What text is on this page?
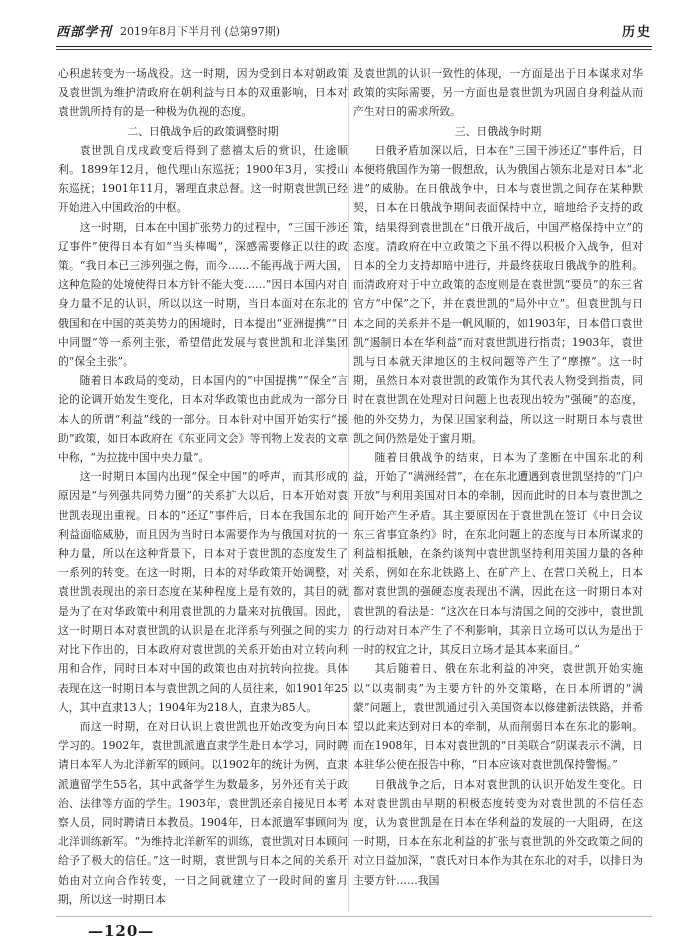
西部学刊 2019年8月下半月刊 (总第97期)	历史

心积虑转变为一场战役。这一时期，因为受到日本对朝政策及袁世凯为维护清政府在朝利益与日本的双重影响，日本对袁世凯所持有的是一种极为仇视的态度。

二、日俄战争后的政策调整时期

袁世凯自戊戌政变后得到了慈禧太后的赏识，仕途顺利。1899年12月，他代理山东巡抚；1900年3月，实授山东巡抚；1901年11月，署理直隶总督。这一时期袁世凯已经开始进入中国政治的中枢。

这一时期，日本在中国扩张势力的过程中，“三国干涉还辽事件”使得日本有如“当头棒喝”，深感需要修正以往的政策。“我日本已三涉列强之侮，而今……不能再战于两大国，这种危险的处境使得日本方针不能大变……”因日本国内对自身力量不足的认识，所以以这一时期，当日本面对在东北的俄国和在中国的英美势力的困境时，日本提出“亚洲提携”“日中同盟”等一系列主张，希望借此发展与袁世凯和北洋集团的“保全主张”。

随着日本政局的变动，日本国内的“中国提携”“保全”言论的论调开始发生变化，日本对华政策也由此成为一部分日本人的所谓“利益”线的一部分。日本针对中国开始实行“援助”政策，如日本政府在《东亚同文会》等刊物上发表的文章中称，“为拉拢中国中央力量”。

这一时期日本国内出现“保全中国”的呼声，而其形成的原因是“与列强共同势力圈”的关系扩大以后，日本开始对袁世凯表现出重视。日本的“还辽”事件后，日本在我国东北的利益面临威胁，而且因为当时日本需要作为与俄国对抗的一种力量，所以在这种背景下，日本对于袁世凯的态度发生了一系列的转变。在这一时期，日本的对华政策开始调整，对袁世凯表现出的亲日态度在某种程度上是有效的，其目的就是为了在对华政策中利用袁世凯的力量来对抗俄国。因此，这一时期日本对袁世凯的认识是在北洋系与列强之间的实力对比下作出的，日本政府对袁世凯的关系开始由对立转向利用和合作，同时日本对中国的政策也由对抗转向拉拢。具体表现在这一时期日本与袁世凯之间的人员往来，如1901年25人，其中直隶13人；1904年为218人，直隶为85人。

而这一时期，在对日认识上袁世凯也开始改变为向日本学习的。1902年，袁世凯派遣直隶学生赴日本学习，同时聘请日本军人为北洋新军的顾问。以1902年的统计为例，直隶派遣留学生55名，其中武备学生为数最多，另外还有关于政治、法律等方面的学生。1903年，袁世凯还亲自接见日本考察人员，同时聘请日本教员。1904年，日本派遣军事顾问为北洋训练新军。“为维持北洋新军的训练，袁世凯对日本顾问给予了极大的信任。”这一时期，袁世凯与日本之间的关系开始由对立向合作转变，一日之间就建立了一段时间的蜜月期，所以这一时期日本

及袁世凯的认识一致性的体现，一方面是出于日本谋求对华政策的实际需要，另一方面也是袁世凯为巩固自身利益从而产生对日的需求所致。

三、日俄战争时期

日俄矛盾加深以后，日本在“三国干涉还辽”事件后，日本便将俄国作为第一假想敌，认为俄国占领东北是对日本“北进”的威胁。在日俄战争中，日本与袁世凯之间存在某种默契，日本在日俄战争期间表面保持中立，暗地给予支持的政策，结果得到袁世凯在“日俄开战后，中国严格保持中立”的态度。清政府在中立政策之下虽不得以积极介入战争，但对日本的全力支持却暗中进行，并最终获取日俄战争的胜利。而清政府对于中立政策的态度则是在袁世凯“要员”的东三省官方“中保”之下，并在袁世凯的“局外中立”。但袁世凯与日本之间的关系并不是一帆风顺的，如1903年，日本借口袁世凯“遏制日本在华利益”而对袁世凯进行指责；1903年，袁世凯与日本就天津地区的主权问题等产生了“摩擦”。这一时期，虽然日本对袁世凯的政策作为其代表人物受到指责，同时在袁世凯在处理对日问题上也表现出较为“强硬”的态度，他的外交势力，为保卫国家利益，所以这一时期日本与袁世凯之间仍然是处于蜜月期。

随着日俄战争的结束，日本为了垄断在中国东北的利益，开始了“满洲经营”，在在东北遭遇到袁世凯坚持的“门户开放”与利用美国对日本的牵制，因而此时的日本与袁世凯之间开始产生矛盾。其主要原因在于袁世凯在签订《中日会议东三省事宜条约》时，在东北问题上的态度与日本所谋求的利益相抵触，在条约谈判中袁世凯坚持利用美国力量的各种关系，例如在东北铁路上、在矿产上、在营口关税上，日本都对袁世凯的强硬态度表现出不满，因此在这一时期日本对袁世凯的看法是：“这次在日本与清国之间的交涉中，袁世凯的行动对日本产生了不利影响，其亲日立场可以认为是出于一时的权宜之计，其反日立场才是其本来面目。”

其后随着日、俄在东北利益的冲突，袁世凯开始实施以“以夷制夷”为主要方针的外交策略，在日本所谓的“满蒙”问题上，袁世凯通过引入美国资本以修建新法铁路，并希望以此来达到对日本的牵制，从而削弱日本在东北的影响。而在1908年，日本对袁世凯的“日美联合”阴谋表示不满，日本驻华公使在报告中称，“日本应该对袁世凯保持警惕。”

日俄战争之后，日本对袁世凯的认识开始发生变化。日本对袁世凯由早期的积极态度转变为对袁世凯的不信任态度，认为袁世凯是在日本在华利益的发展的一大阻碍，在这一时期，日本在东北利益的扩张与袁世凯的外交政策之间的对立日益加深，“袁氏对日本作为其在东北的对手，以排日为主要方针……我国

—120—
